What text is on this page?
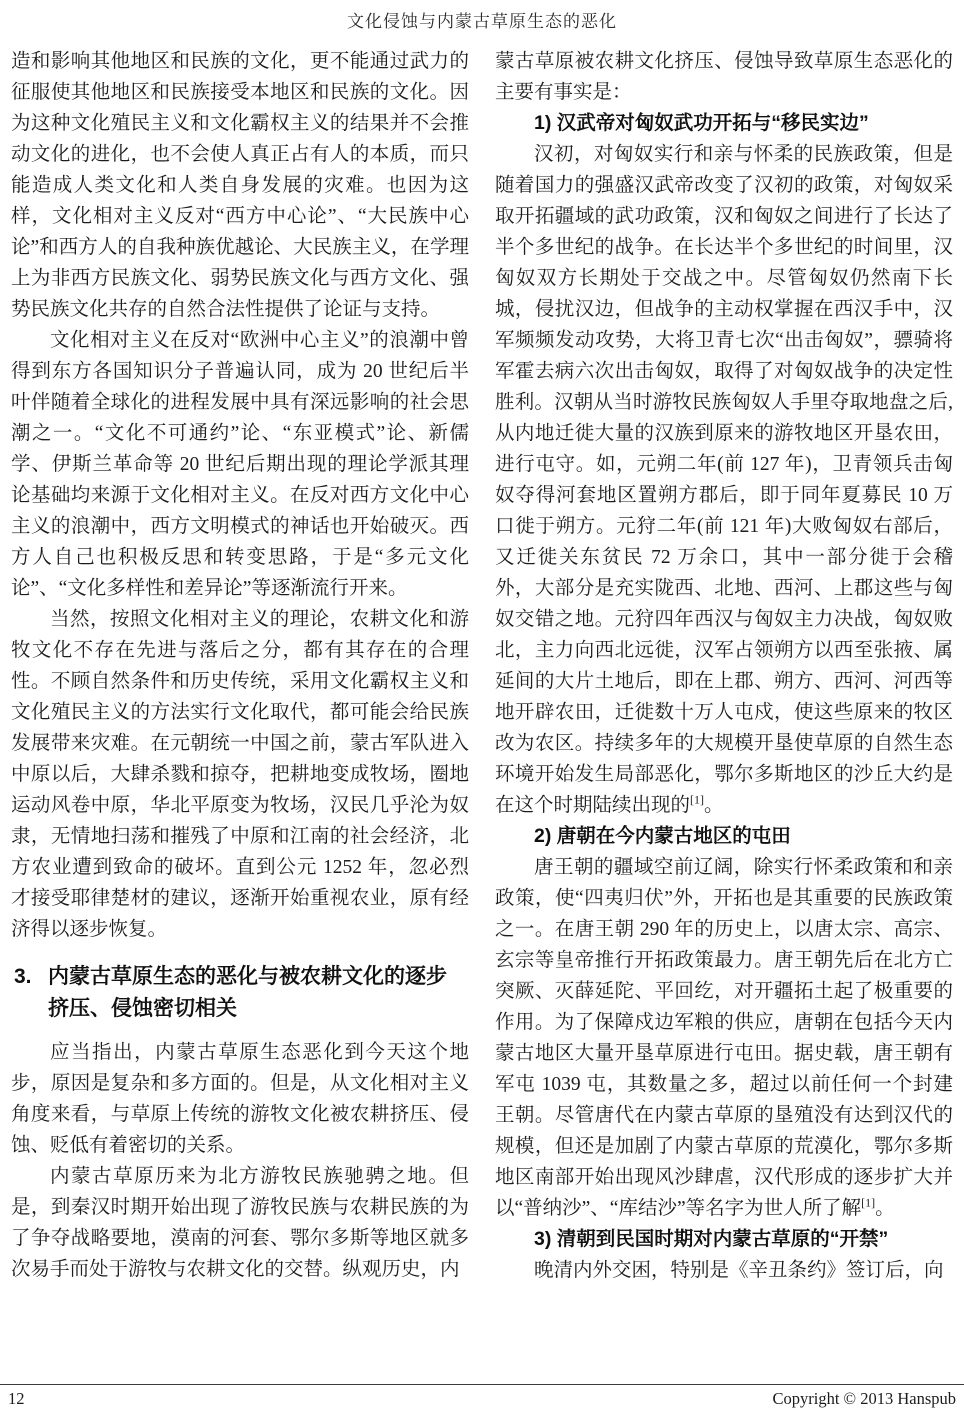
文化侵蚀与内蒙古草原生态的恶化

造和影响其他地区和民族的文化，更不能通过武力的征服使其他地区和民族接受本地区和民族的文化。因为这种文化殖民主义和文化霸权主义的结果并不会推动文化的进化，也不会使人真正占有人的本质，而只能造成人类文化和人类自身发展的灾难。也因为这样，文化相对主义反对“西方中心论”、“大民族中心论”和西方人的自我种族优越论、大民族主义，在学理上为非西方民族文化、弱势民族文化与西方文化、强势民族文化共存的自然合法性提供了论证与支持。

文化相对主义在反对“欧洲中心主义”的浪潮中曾得到东方各国知识分子普遍认同，成为 20 世纪后半叶伴随着全球化的进程发展中具有深远影响的社会思潮之一。“文化不可通约”论、“东亚模式”论、新儒学、伊斯兰革命等 20 世纪后期出现的理论学派其理论基础均来源于文化相对主义。在反对西方文化中心主义的浪潮中，西方文明模式的神话也开始破灭。西方人自己也积极反思和转变思路，于是“多元文化论”、“文化多样性和差异论”等逐渐流行开来。

当然，按照文化相对主义的理论，农耕文化和游牧文化不存在先进与落后之分，都有其存在的合理性。不顾自然条件和历史传统，采用文化霸权主义和文化殖民主义的方法实行文化取代，都可能会给民族发展带来灾难。在元朝统一中国之前，蒙古军队进入中原以后，大肆杀戮和掠夺，把耕地变成牧场，圈地运动风卷中原，华北平原变为牧场，汉民几乎沦为奴隶，无情地扫荡和摧残了中原和江南的社会经济，北方农业遭到致命的破坏。直到公元 1252 年，忽必烈才接受耶律楚材的建议，逐渐开始重视农业，原有经济得以逐步恢复。

3. 内蒙古草原生态的恶化与被农耕文化的逐步挤压、侵蚀密切相关

应当指出，内蒙古草原生态恶化到今天这个地步，原因是复杂和多方面的。但是，从文化相对主义角度来看，与草原上传统的游牧文化被农耕挤压、侵蚀、贬低有着密切的关系。

内蒙古草原历来为北方游牧民族驰骋之地。但是，到秦汉时期开始出现了游牧民族与农耕民族的为了争夺战略要地，漠南的河套、鄂尔多斯等地区就多次易手而处于游牧与农耕文化的交替。纵观历史，内

蒙古草原被农耕文化挤压、侵蚀导致草原生态恶化的主要有事实是：

1) 汉武帝对匈奴武功开拓与“移民实边”

汉初，对匈奴实行和亲与怀柔的民族政策，但是随着国力的强盛汉武帝改变了汉初的政策，对匈奴采取开拓疆域的武功政策，汉和匈奴之间进行了长达了半个多世纪的战争。在长达半个多世纪的时间里，汉匈奴双方长期处于交战之中。尽管匈奴仍然南下长城，侵扰汉边，但战争的主动权掌握在西汉手中，汉军频频发动攻势，大将卫青七次“出击匈奴”，骠骑将军霍去病六次出击匈奴，取得了对匈奴战争的决定性胜利。汉朝从当时游牧民族匈奴人手里夺取地盘之后,从内地迁徙大量的汉族到原来的游牧地区开垦农田，进行屯守。如，元朔二年(前 127 年)，卫青领兵击匈奴夺得河套地区置朔方郡后，即于同年夏募民 10 万口徙于朔方。元狩二年(前 121 年)大败匈奴右部后，又迁徙关东贫民 72 万余口，其中一部分徙于会稽外，大部分是充实陇西、北地、西河、上郡这些与匈奴交错之地。元狩四年西汉与匈奴主力决战，匈奴败北，主力向西北远徙，汉军占领朔方以西至张掖、属延间的大片土地后，即在上郡、朔方、西河、河西等地开辟农田，迁徙数十万人屯戍，使这些原来的牧区改为农区。持续多年的大规模开垦使草原的自然生态环境开始发生局部恶化，鄂尔多斯地区的沙丘大约是在这个时期陆续出现的[1]。

2) 唐朝在今内蒙古地区的屯田

唐王朝的疆域空前辽阔，除实行怀柔政策和和亲政策，使“四夷归伏”外，开拓也是其重要的民族政策之一。在唐王朝 290 年的历史上，以唐太宗、高宗、玄宗等皇帝推行开拓政策最力。唐王朝先后在北方亡突厥、灭薛延陀、平回纥，对开疆拓土起了极重要的作用。为了保障戍边军粮的供应，唐朝在包括今天内蒙古地区大量开垦草原进行屯田。据史载，唐王朝有军屯 1039 屯，其数量之多，超过以前任何一个封建王朝。尽管唐代在内蒙古草原的垦殖没有达到汉代的规模，但还是加剧了内蒙古草原的荒漠化，鄂尔多斯地区南部开始出现风沙肆虐，汉代形成的逐步扩大并以“普纳沙”、“库结沙”等名字为世人所了解[1]。

3) 清朝到民国时期对内蒙古草原的“开禁”

晚清内外交困，特别是《辛丑条约》签订后，向

12	Copyright © 2013 Hanspub
